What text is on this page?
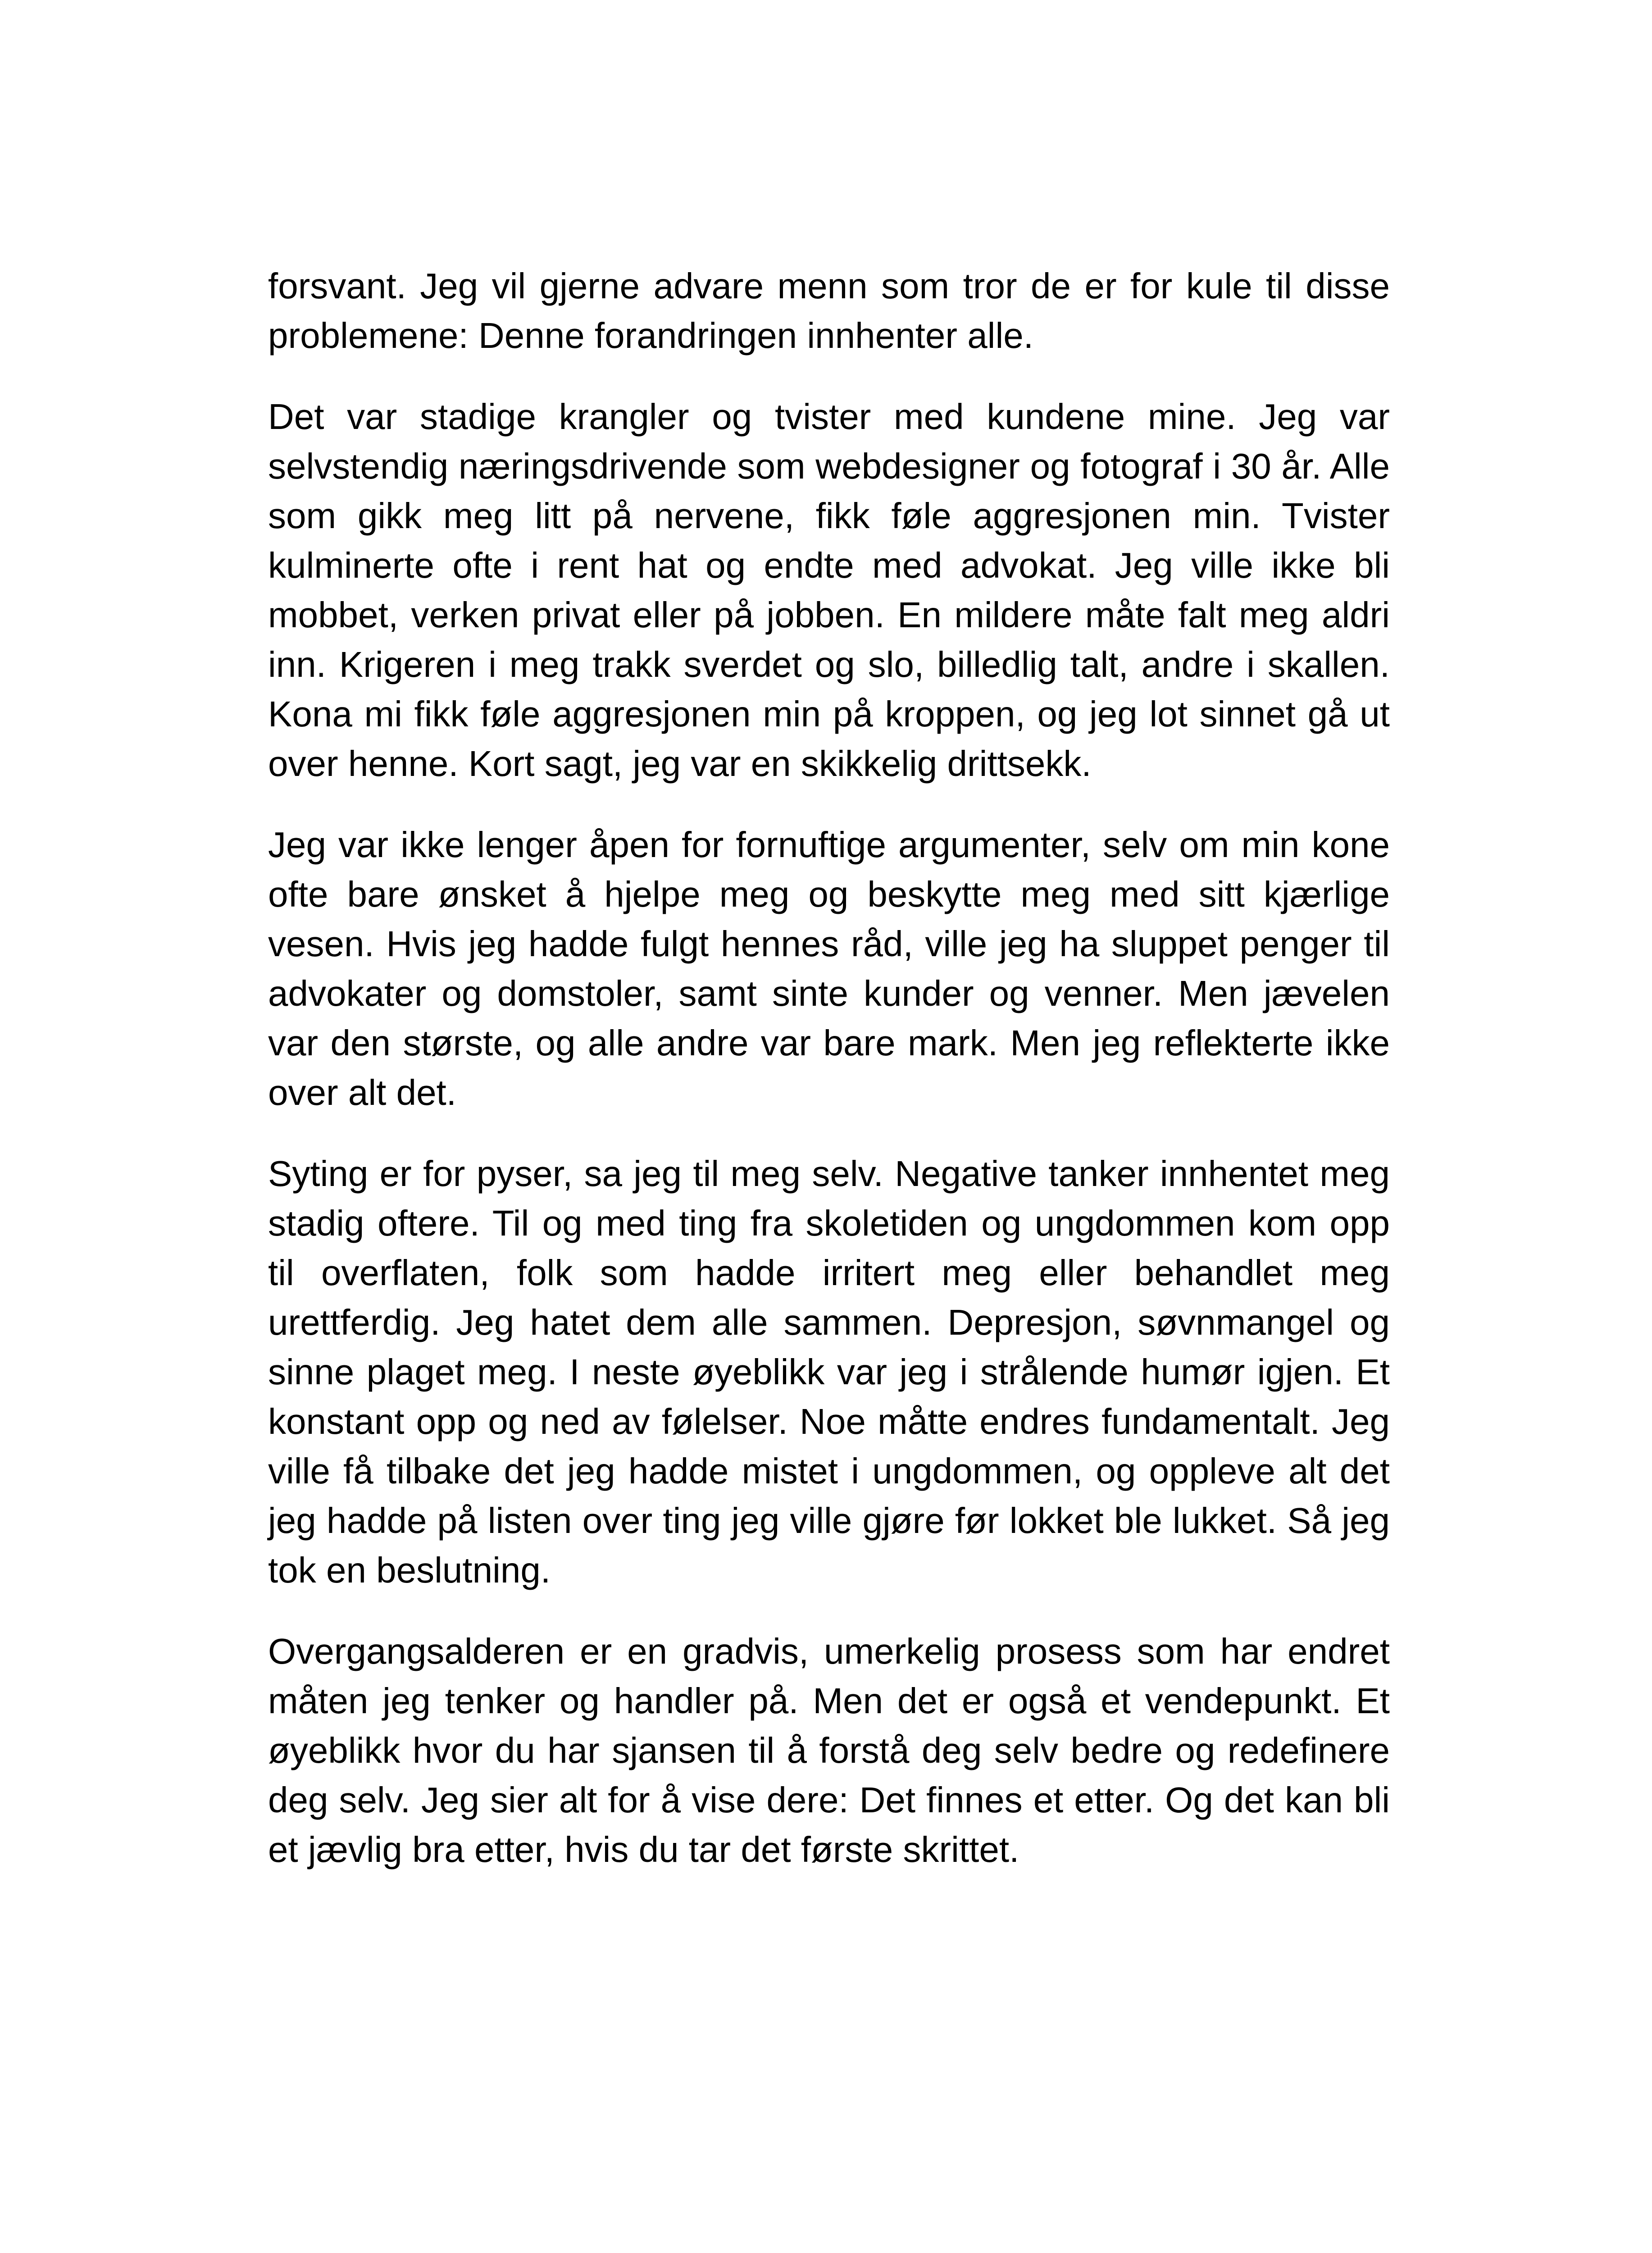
forsvant. Jeg vil gjerne advare menn som tror de er for kule til disse problemene: Denne forandringen innhenter alle.

Det var stadige krangler og tvister med kundene mine. Jeg var selvstendig næringsdrivende som webdesigner og fotograf i 30 år. Alle som gikk meg litt på nervene, fikk føle aggresjonen min. Tvister kulminerte ofte i rent hat og endte med advokat. Jeg ville ikke bli mobbet, verken privat eller på jobben. En mildere måte falt meg aldri inn. Krigeren i meg trakk sverdet og slo, billedlig talt, andre i skallen. Kona mi fikk føle aggresjonen min på kroppen, og jeg lot sinnet gå ut over henne. Kort sagt, jeg var en skikkelig drittsekk.

Jeg var ikke lenger åpen for fornuftige argumenter, selv om min kone ofte bare ønsket å hjelpe meg og beskytte meg med sitt kjærlige vesen. Hvis jeg hadde fulgt hennes råd, ville jeg ha sluppet penger til advokater og domstoler, samt sinte kunder og venner. Men jævelen var den største, og alle andre var bare mark. Men jeg reflekterte ikke over alt det.

Syting er for pyser, sa jeg til meg selv. Negative tanker innhentet meg stadig oftere. Til og med ting fra skoletiden og ungdommen kom opp til overflaten, folk som hadde irritert meg eller behandlet meg urettferdig. Jeg hatet dem alle sammen. Depresjon, søvnmangel og sinne plaget meg. I neste øyeblikk var jeg i strålende humør igjen. Et konstant opp og ned av følelser. Noe måtte endres fundamentalt. Jeg ville få tilbake det jeg hadde mistet i ungdommen, og oppleve alt det jeg hadde på listen over ting jeg ville gjøre før lokket ble lukket. Så jeg tok en beslutning.

Overgangsalderen er en gradvis, umerkelig prosess som har endret måten jeg tenker og handler på. Men det er også et vendepunkt. Et øyeblikk hvor du har sjansen til å forstå deg selv bedre og redefinere deg selv. Jeg sier alt for å vise dere: Det finnes et etter. Og det kan bli et jævlig bra etter, hvis du tar det første skrittet.
